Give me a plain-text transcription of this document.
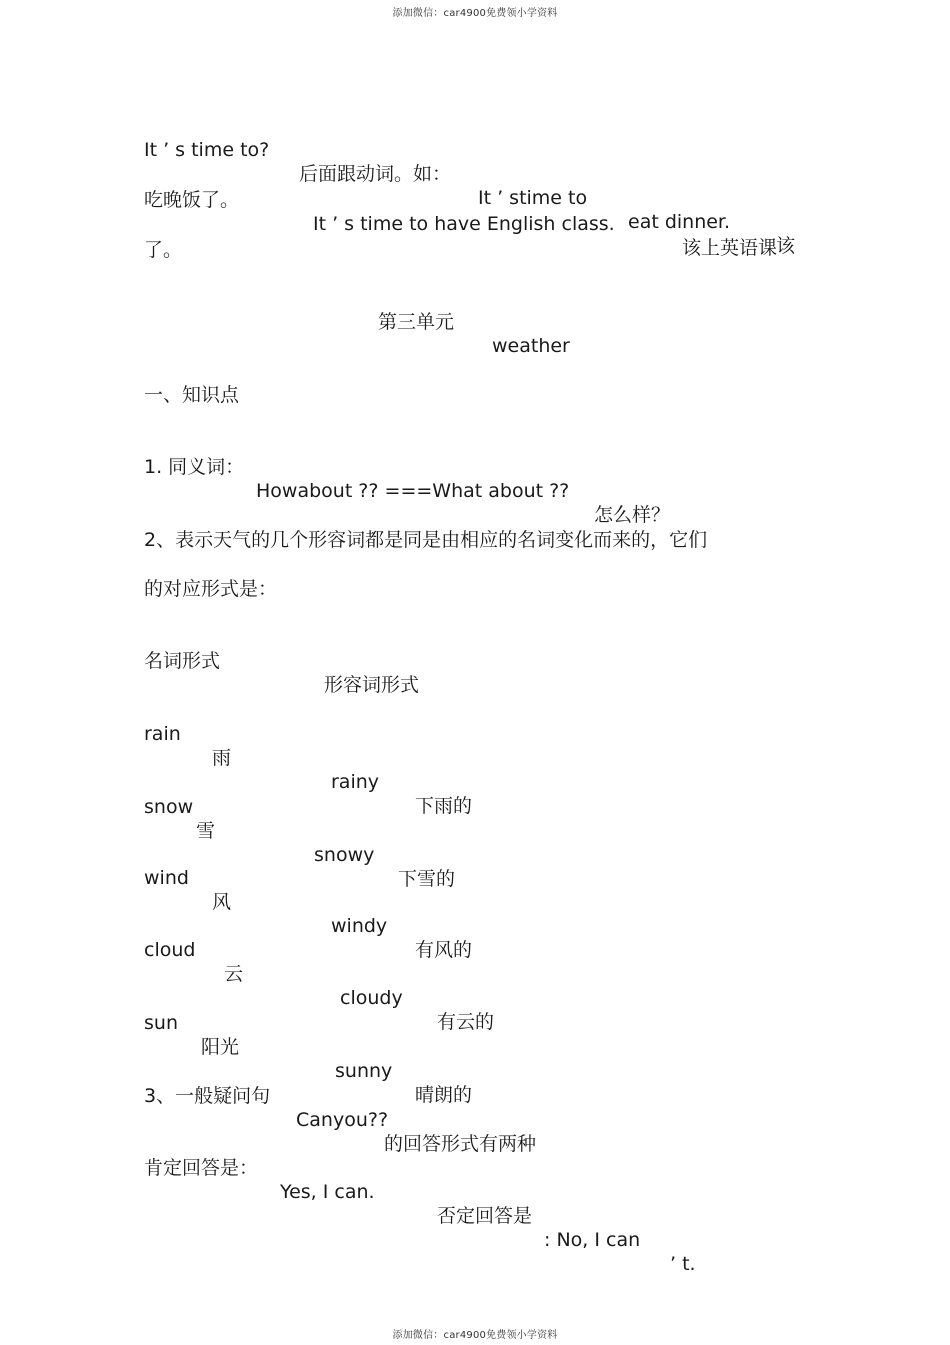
添加微信：car4900免费领小学资料

It ’ s time to?

后面跟动词。如：

It ’ stime to

eat dinner.

该

吃晚饭了。

It ’ s time to have English class.

该上英语课

了。

第三单元

weather

一、知识点

1. 同义词：

Howabout ?? ===What about ??

怎么样？

2、表示天气的几个形容词都是同是由相应的名词变化而来的，它们

的对应形式是：

名词形式

形容词形式

rain

雨

rainy

下雨的

snow

雪

snowy

下雪的

wind

风

windy

有风的

cloud

云

cloudy

有云的

sun

阳光

sunny

晴朗的

3、一般疑问句

Canyou??

的回答形式有两种

肯定回答是：

Yes, I can.

否定回答是

: No, I can

’ t.

添加微信：car4900免费领小学资料
